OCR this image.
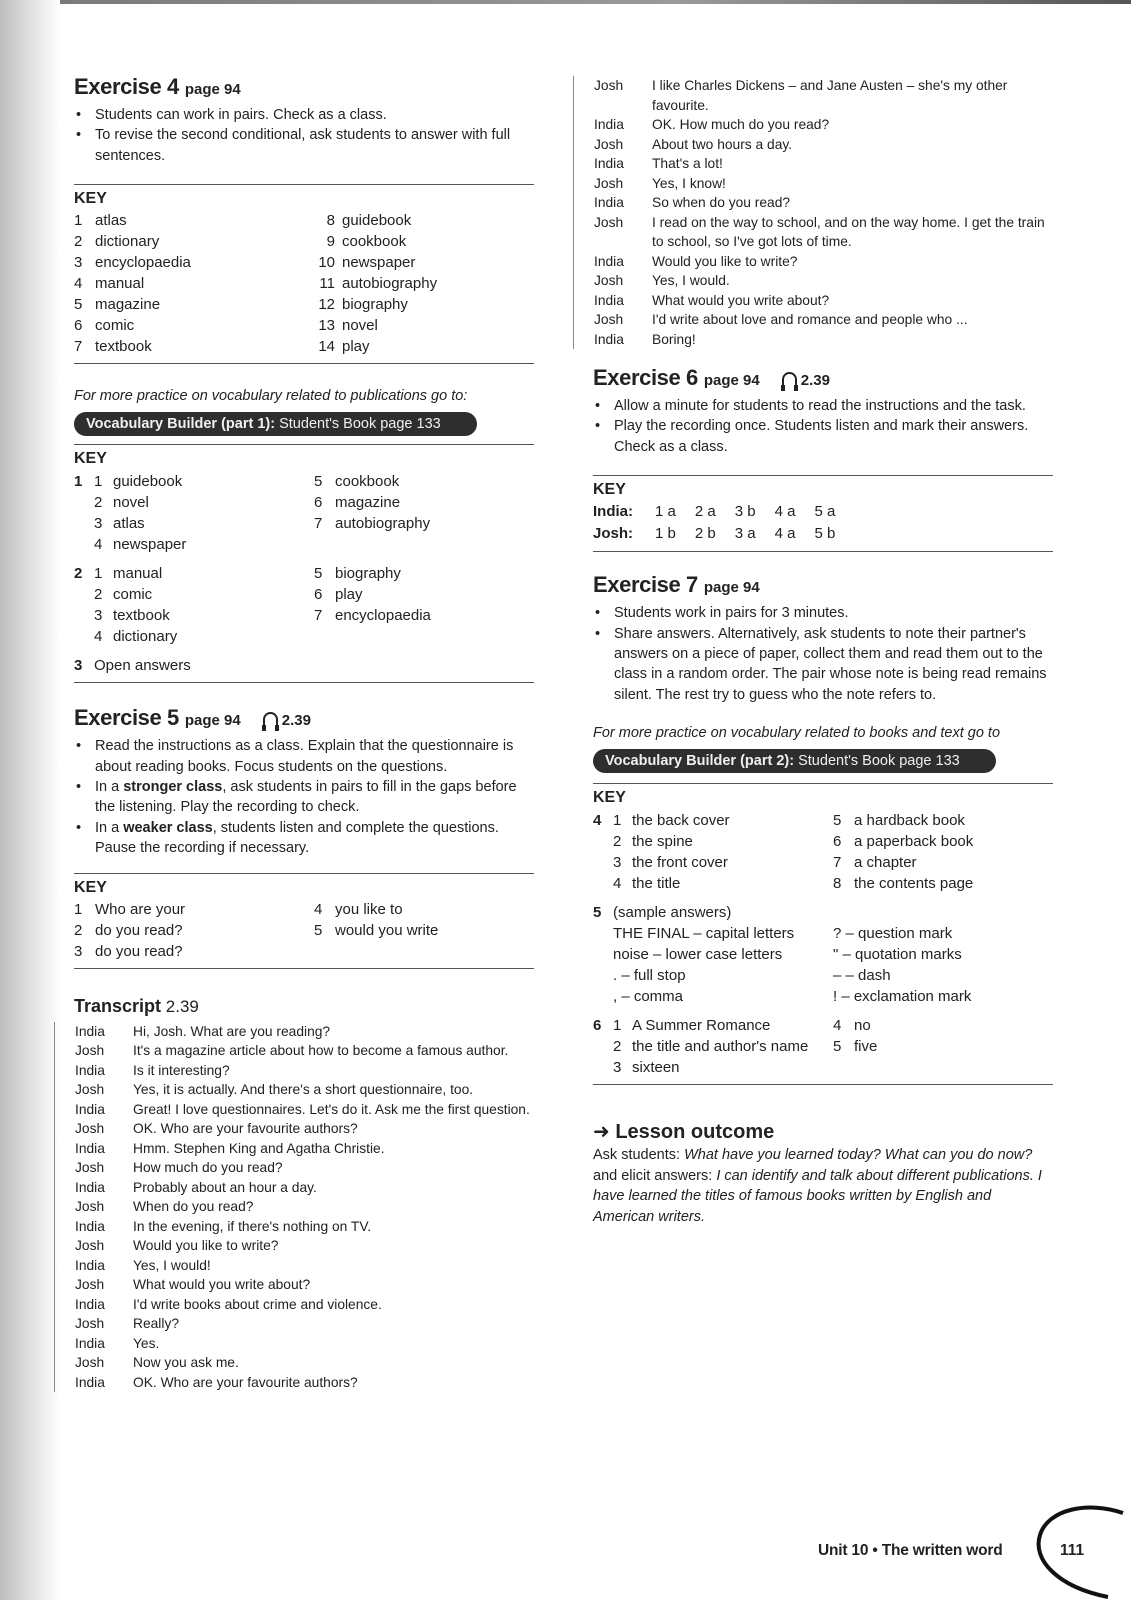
Exercise 4 page 94
• Students can work in pairs. Check as a class.
• To revise the second conditional, ask students to answer with full sentences.
KEY
1 atlas
2 dictionary
3 encyclopaedia
4 manual
5 magazine
6 comic
7 textbook
8 guidebook
9 cookbook
10 newspaper
11 autobiography
12 biography
13 novel
14 play
For more practice on vocabulary related to publications go to:
Vocabulary Builder (part 1): Student's Book page 133
KEY
1 1 guidebook
2 novel
3 atlas
4 newspaper
5 cookbook
6 magazine
7 autobiography
2 1 manual
2 comic
3 textbook
4 dictionary
5 biography
6 play
7 encyclopaedia
3 Open answers
Exercise 5 page 94	2.39
• Read the instructions as a class. Explain that the questionnaire is about reading books. Focus students on the questions.
• In a stronger class, ask students in pairs to fill in the gaps before the listening. Play the recording to check.
• In a weaker class, students listen and complete the questions. Pause the recording if necessary.
KEY
1 Who are your
2 do you read?
3 do you read?
4 you like to
5 would you write
Transcript 2.39
India	Hi, Josh. What are you reading?
Josh	It's a magazine article about how to become a famous author.
India	Is it interesting?
Josh	Yes, it is actually. And there's a short questionnaire, too.
India	Great! I love questionnaires. Let's do it. Ask me the first question.
Josh	OK. Who are your favourite authors?
India	Hmm. Stephen King and Agatha Christie.
Josh	How much do you read?
India	Probably about an hour a day.
Josh	When do you read?
India	In the evening, if there's nothing on TV.
Josh	Would you like to write?
India	Yes, I would!
Josh	What would you write about?
India	I'd write books about crime and violence.
Josh	Really?
India	Yes.
Josh	Now you ask me.
India	OK. Who are your favourite authors?
Josh	I like Charles Dickens – and Jane Austen – she's my other favourite.
India	OK. How much do you read?
Josh	About two hours a day.
India	That's a lot!
Josh	Yes, I know!
India	So when do you read?
Josh	I read on the way to school, and on the way home. I get the train to school, so I've got lots of time.
India	Would you like to write?
Josh	Yes, I would.
India	What would you write about?
Josh	I'd write about love and romance and people who ...
India	Boring!
Exercise 6 page 94	2.39
• Allow a minute for students to read the instructions and the task.
• Play the recording once. Students listen and mark their answers. Check as a class.
KEY
India: 1 a 2 a 3 b 4 a 5 a
Josh: 1 b 2 b 3 a 4 a 5 b
Exercise 7 page 94
• Students work in pairs for 3 minutes.
• Share answers. Alternatively, ask students to note their partner's answers on a piece of paper, collect them and read them out to the class in a random order. The pair whose note is being read remains silent. The rest try to guess who the note refers to.
For more practice on vocabulary related to books and text go to
Vocabulary Builder (part 2): Student's Book page 133
KEY
4 1 the back cover
2 the spine
3 the front cover
4 the title
5 a hardback book
6 a paperback book
7 a chapter
8 the contents page
5 (sample answers)
THE FINAL – capital letters
noise – lower case letters
. – full stop
, – comma
? – question mark
" – quotation marks
– – dash
! – exclamation mark
6 1 A Summer Romance
2 the title and author's name
3 sixteen
4 no
5 five
➜ Lesson outcome
Ask students: What have you learned today? What can you do now? and elicit answers: I can identify and talk about different publications. I have learned the titles of famous books written by English and American writers.
Unit 10 • The written word	111
